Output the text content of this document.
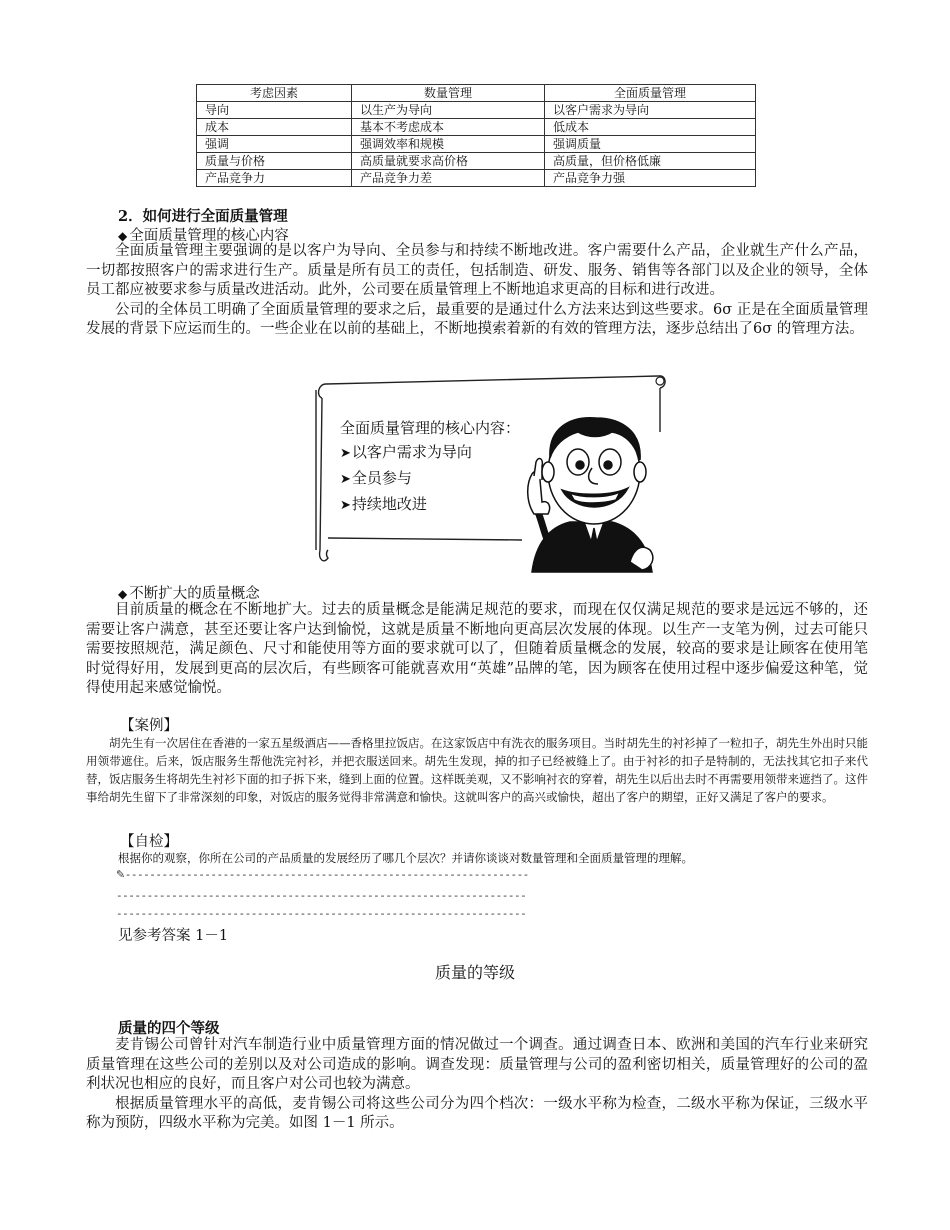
考虑因素	数量管理	全面质量管理
导向	以生产为导向	以客户需求为导向
成本	基本不考虑成本	低成本
强调	强调效率和规模	强调质量
质量与价格	高质量就要求高价格	高质量，但价格低廉
产品竞争力	产品竞争力差	产品竞争力强
2．如何进行全面质量管理
◆ 全面质量管理的核心内容

全面质量管理主要强调的是以客户为导向、全员参与和持续不断地改进。客户需要什么产品，企业就生产什么产品，一切都按照客户的需求进行生产。质量是所有员工的责任，包括制造、研发、服务、销售等各部门以及企业的领导，全体员工都应被要求参与质量改进活动。此外，公司要在质量管理上不断地追求更高的目标和进行改进。

公司的全体员工明确了全面质量管理的要求之后，最重要的是通过什么方法来达到这些要求。6σ 正是在全面质量管理发展的背景下应运而生的。一些企业在以前的基础上，不断地摸索着新的有效的管理方法，逐步总结出了6σ 的管理方法。

全面质量管理的核心内容：
➤以客户需求为导向
➤全员参与
➤持续地改进
◆ 不断扩大的质量概念

目前质量的概念在不断地扩大。过去的质量概念是能满足规范的要求，而现在仅仅满足规范的要求是远远不够的，还需要让客户满意，甚至还要让客户达到愉悦，这就是质量不断地向更高层次发展的体现。以生产一支笔为例，过去可能只需要按照规范，满足颜色、尺寸和能使用等方面的要求就可以了，但随着质量概念的发展，较高的要求是让顾客在使用笔时觉得好用，发展到更高的层次后，有些顾客可能就喜欢用“英雄”品牌的笔，因为顾客在使用过程中逐步偏爱这种笔，觉得使用起来感觉愉悦。

【案例】

胡先生有一次居住在香港的一家五星级酒店——香格里拉饭店。在这家饭店中有洗衣的服务项目。当时胡先生的衬衫掉了一粒扣子，胡先生外出时只能用领带遮住。后来，饭店服务生帮他洗完衬衫，并把衣服送回来。胡先生发现，掉的扣子已经被缝上了。由于衬衫的扣子是特制的，无法找其它扣子来代替，饭店服务生将胡先生衬衫下面的扣子拆下来，缝到上面的位置。这样既美观，又不影响衬衣的穿着，胡先生以后出去时不再需要用领带来遮挡了。这件事给胡先生留下了非常深刻的印象，对饭店的服务觉得非常满意和愉快。这就叫客户的高兴或愉快，超出了客户的期望，正好又满足了客户的要求。

【自检】
根据你的观察，你所在公司的产品质量的发展经历了哪几个层次？并请你谈谈对数量管理和全面质量管理的理解。
✎------------------------------------------------------------------
-------------------------------------------------------------------
-------------------------------------------------------------------
见参考答案 1－1
质量的等级
质量的四个等级

麦肯锡公司曾针对汽车制造行业中质量管理方面的情况做过一个调查。通过调查日本、欧洲和美国的汽车行业来研究质量管理在这些公司的差别以及对公司造成的影响。调查发现：质量管理与公司的盈利密切相关，质量管理好的公司的盈利状况也相应的良好，而且客户对公司也较为满意。

根据质量管理水平的高低，麦肯锡公司将这些公司分为四个档次：一级水平称为检查，二级水平称为保证，三级水平称为预防，四级水平称为完美。如图 1－1 所示。
